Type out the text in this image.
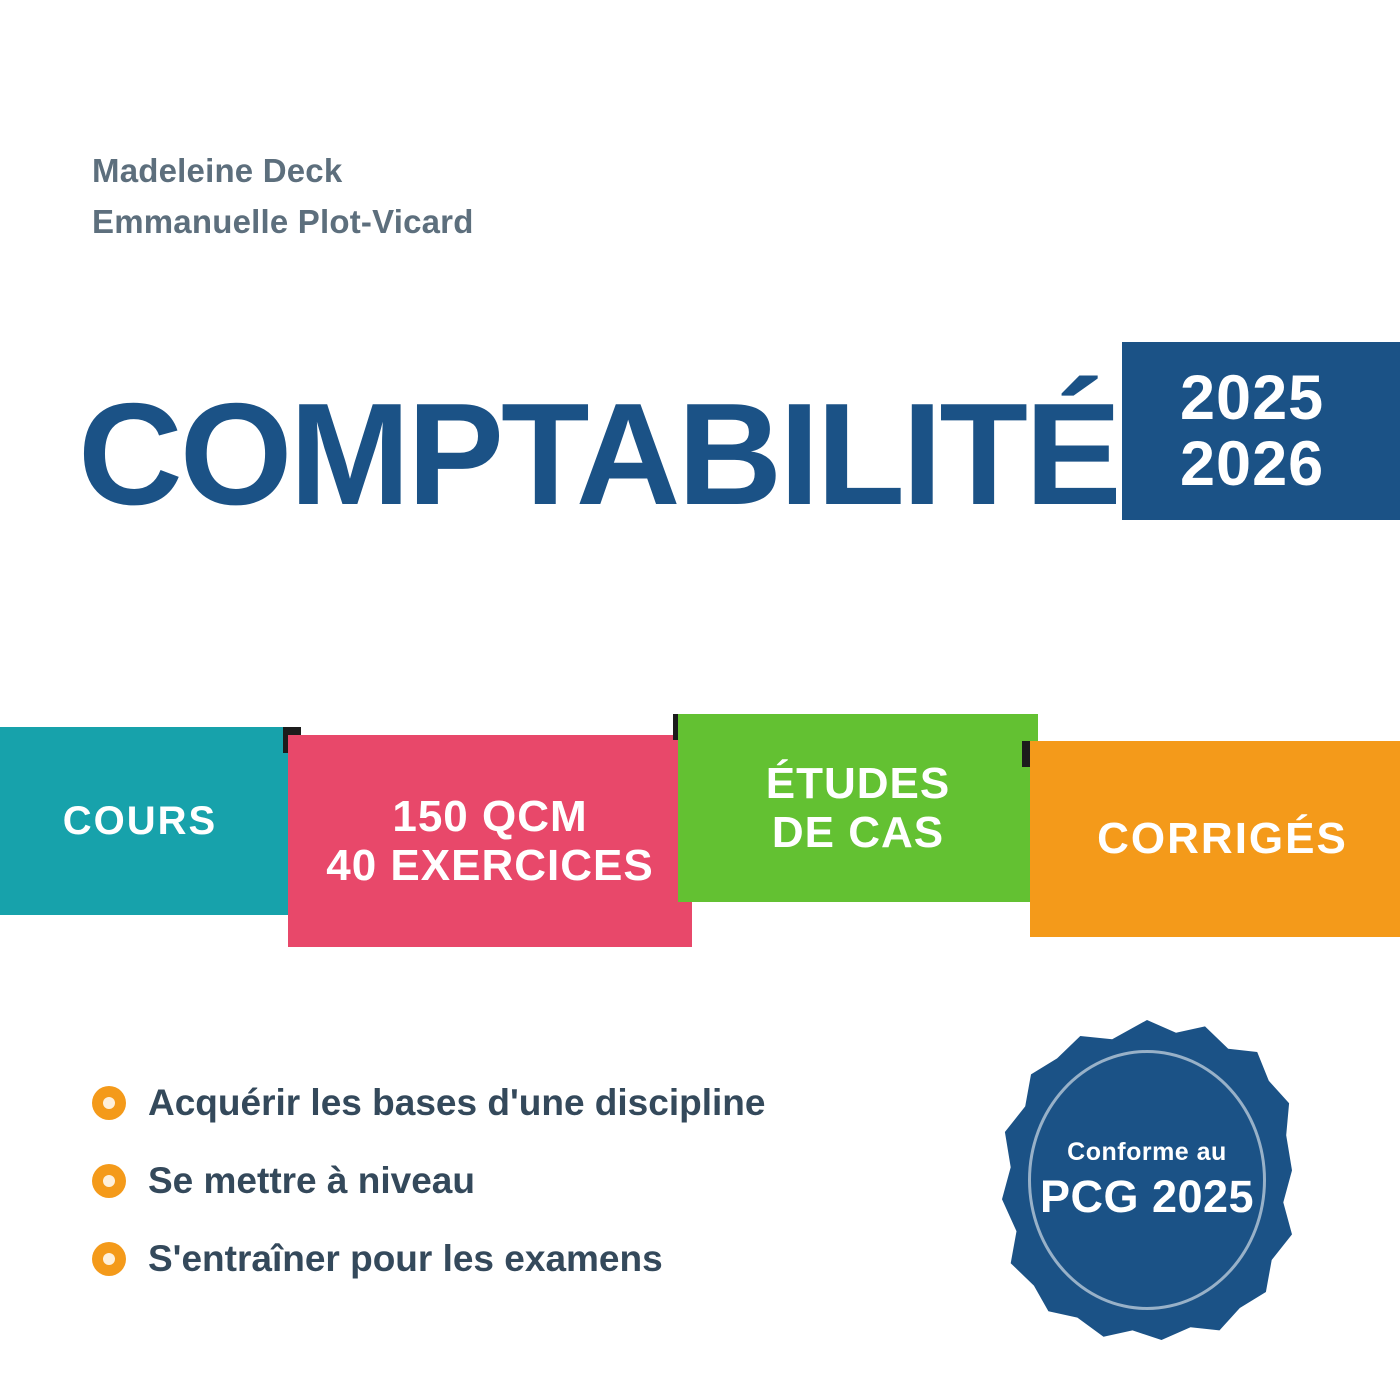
Madeleine Deck
Emmanuelle Plot-Vicard
COMPTABILITÉ 2025
2026
COURS	150 QCM
40 EXERCICES
ÉTUDES
DE CAS	CORRIGÉS
Acquérir les bases d'une discipline
Se mettre à niveau
S'entraîner pour les examens
Conforme au
PCG 2025
